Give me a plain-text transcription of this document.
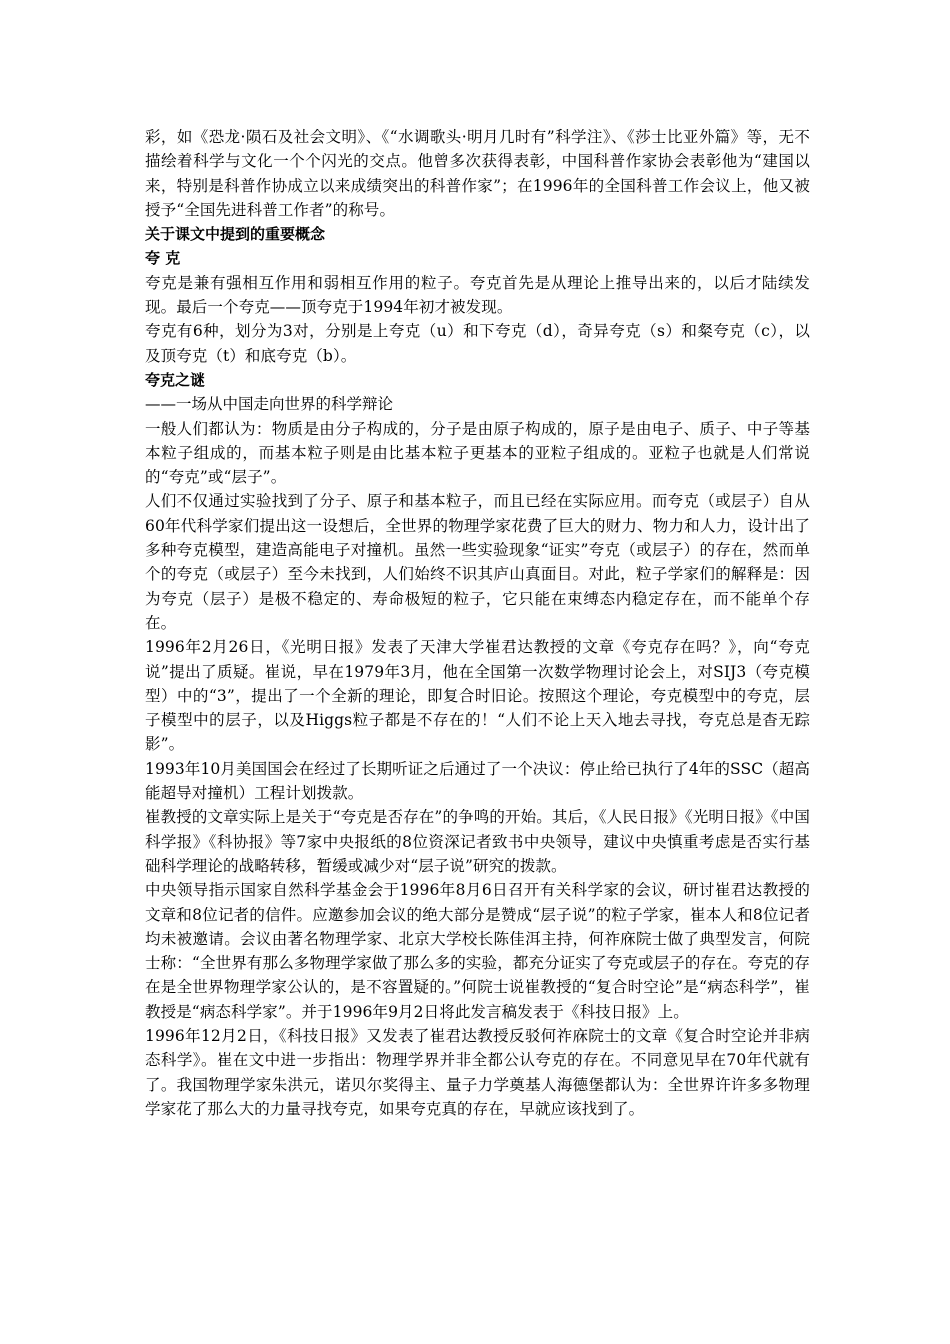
彩，如《恐龙·陨石及社会文明》、《“水调歌头·明月几时有”科学注》、《莎士比亚外篇》等，无不描绘着科学与文化一个个闪光的交点。他曾多次获得表彰，中国科普作家协会表彰他为“建国以来，特别是科普作协成立以来成绩突出的科普作家”；在1996年的全国科普工作会议上，他又被授予“全国先进科普工作者”的称号。

关于课文中提到的重要概念

夸 克

夸克是兼有强相互作用和弱相互作用的粒子。夸克首先是从理论上推导出来的，以后才陆续发现。最后一个夸克——顶夸克于1994年初才被发现。

夸克有6种，划分为3对，分别是上夸克（u）和下夸克（d），奇异夸克（s）和粲夸克（c），以及顶夸克（t）和底夸克（b）。

夸克之谜

——一场从中国走向世界的科学辩论

一般人们都认为：物质是由分子构成的，分子是由原子构成的，原子是由电子、质子、中子等基本粒子组成的，而基本粒子则是由比基本粒子更基本的亚粒子组成的。亚粒子也就是人们常说的“夸克”或“层子”。

人们不仅通过实验找到了分子、原子和基本粒子，而且已经在实际应用。而夸克（或层子）自从60年代科学家们提出这一设想后，全世界的物理学家花费了巨大的财力、物力和人力，设计出了多种夸克模型，建造高能电子对撞机。虽然一些实验现象“证实”夸克（或层子）的存在，然而单个的夸克（或层子）至今未找到，人们始终不识其庐山真面目。对此，粒子学家们的解释是：因为夸克（层子）是极不稳定的、寿命极短的粒子，它只能在束缚态内稳定存在，而不能单个存在。

1996年2月26日，《光明日报》发表了天津大学崔君达教授的文章《夸克存在吗？》，向“夸克说”提出了质疑。崔说，早在1979年3月，他在全国第一次数学物理讨论会上，对SIJ3（夸克模型）中的“3”，提出了一个全新的理论，即复合时旧论。按照这个理论，夸克模型中的夸克，层子模型中的层子，以及Higgs粒子都是不存在的！“人们不论上天入地去寻找，夸克总是杳无踪影”。

1993年10月美国国会在经过了长期听证之后通过了一个决议：停止给已执行了4年的SSC（超高能超导对撞机）工程计划拨款。

崔教授的文章实际上是关于“夸克是否存在”的争鸣的开始。其后，《人民日报》《光明日报》《中国科学报》《科协报》等7家中央报纸的8位资深记者致书中央领导，建议中央慎重考虑是否实行基础科学理论的战略转移，暂缓或减少对“层子说”研究的拨款。

中央领导指示国家自然科学基金会于1996年8月6日召开有关科学家的会议，研讨崔君达教授的文章和8位记者的信件。应邀参加会议的绝大部分是赞成“层子说”的粒子学家，崔本人和8位记者均未被邀请。会议由著名物理学家、北京大学校长陈佳洱主持，何祚庥院士做了典型发言，何院士称：“全世界有那么多物理学家做了那么多的实验，都充分证实了夸克或层子的存在。夸克的存在是全世界物理学家公认的，是不容置疑的。”何院士说崔教授的“复合时空论”是“病态科学”，崔教授是“病态科学家”。并于1996年9月2日将此发言稿发表于《科技日报》上。

1996年12月2日，《科技日报》又发表了崔君达教授反驳何祚庥院士的文章《复合时空论并非病态科学》。崔在文中进一步指出：物理学界并非全都公认夸克的存在。不同意见早在70年代就有了。我国物理学家朱洪元，诺贝尔奖得主、量子力学奠基人海德堡都认为：全世界许许多多物理学家花了那么大的力量寻找夸克，如果夸克真的存在，早就应该找到了。
